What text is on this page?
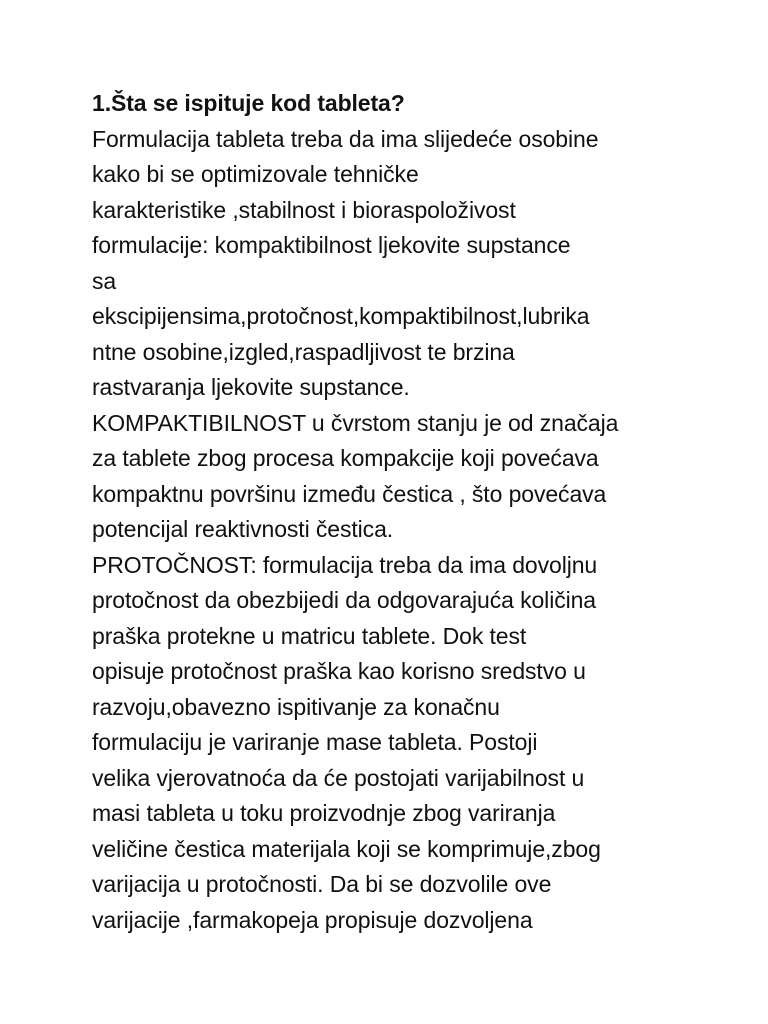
1.Šta se ispituje kod tableta?
Formulacija tableta treba da ima slijedeće osobine
kako bi se optimizovale tehničke
karakteristike ,stabilnost i bioraspoloživost
formulacije: kompaktibilnost ljekovite supstance
sa
ekscipijensima,protočnost,kompaktibilnost,lubrika
ntne osobine,izgled,raspadljivost te brzina
rastvaranja ljekovite supstance.
KOMPAKTIBILNOST u čvrstom stanju je od značaja
za tablete zbog procesa kompakcije koji povećava
kompaktnu površinu između čestica , što povećava
potencijal reaktivnosti čestica.
PROTOČNOST: formulacija treba da ima dovoljnu
protočnost da obezbijedi da odgovarajuća količina
praška protekne u matricu tablete. Dok test
opisuje protočnost praška kao korisno sredstvo u
razvoju,obavezno ispitivanje za konačnu
formulaciju je variranje mase tableta. Postoji
velika vjerovatnoća da će postojati varijabilnost u
masi tableta u toku proizvodnje zbog variranja
veličine čestica materijala koji se komprimuje,zbog
varijacija u protočnosti. Da bi se dozvolile ove
varijacije ,farmakopeja propisuje dozvoljena
